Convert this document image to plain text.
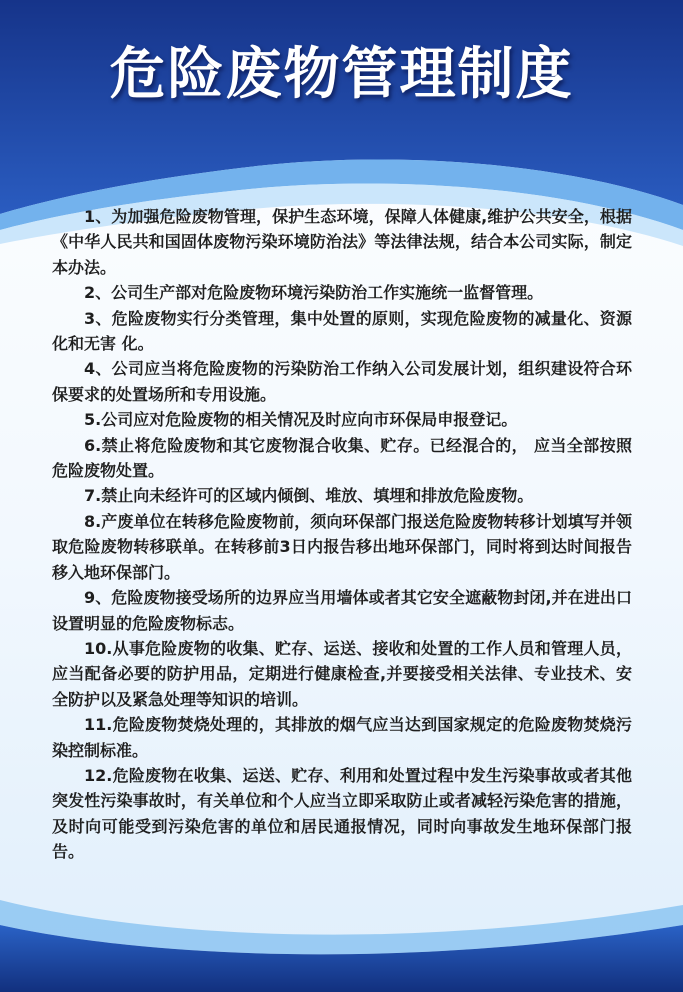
危险废物管理制度

1、为加强危险废物管理，保护生态环境，保障人体健康,维护公共安全，根据《中华人民共和国固体废物污染环境防治法》等法律法规，结合本公司实际，制定本办法。

2、公司生产部对危险废物环境污染防治工作实施统一监督管理。

3、危险废物实行分类管理，集中处置的原则，实现危险废物的减量化、资源化和无害 化。

4、公司应当将危险废物的污染防治工作纳入公司发展计划，组织建设符合环保要求的处置场所和专用设施。

5.公司应对危险废物的相关情况及时应向市环保局申报登记。

6.禁止将危险废物和其它废物混合收集、贮存。已经混合的， 应当全部按照危险废物处置。

7.禁止向未经许可的区域内倾倒、堆放、填埋和排放危险废物。

8.产废单位在转移危险废物前，须向环保部门报送危险废物转移计划填写并领取危险废物转移联单。在转移前3日内报告移出地环保部门，同时将到达时间报告移入地环保部门。

9、危险废物接受场所的边界应当用墙体或者其它安全遮蔽物封闭,并在进出口设置明显的危险废物标志。

10.从事危险废物的收集、贮存、运送、接收和处置的工作人员和管理人员，应当配备必要的防护用品，定期进行健康检查,并要接受相关法律、专业技术、安全防护以及紧急处理等知识的培训。

11.危险废物焚烧处理的，其排放的烟气应当达到国家规定的危险废物焚烧污染控制标准。

12.危险废物在收集、运送、贮存、利用和处置过程中发生污染事故或者其他突发性污染事故时，有关单位和个人应当立即采取防止或者减轻污染危害的措施，及时向可能受到污染危害的单位和居民通报情况，同时向事故发生地环保部门报告。
